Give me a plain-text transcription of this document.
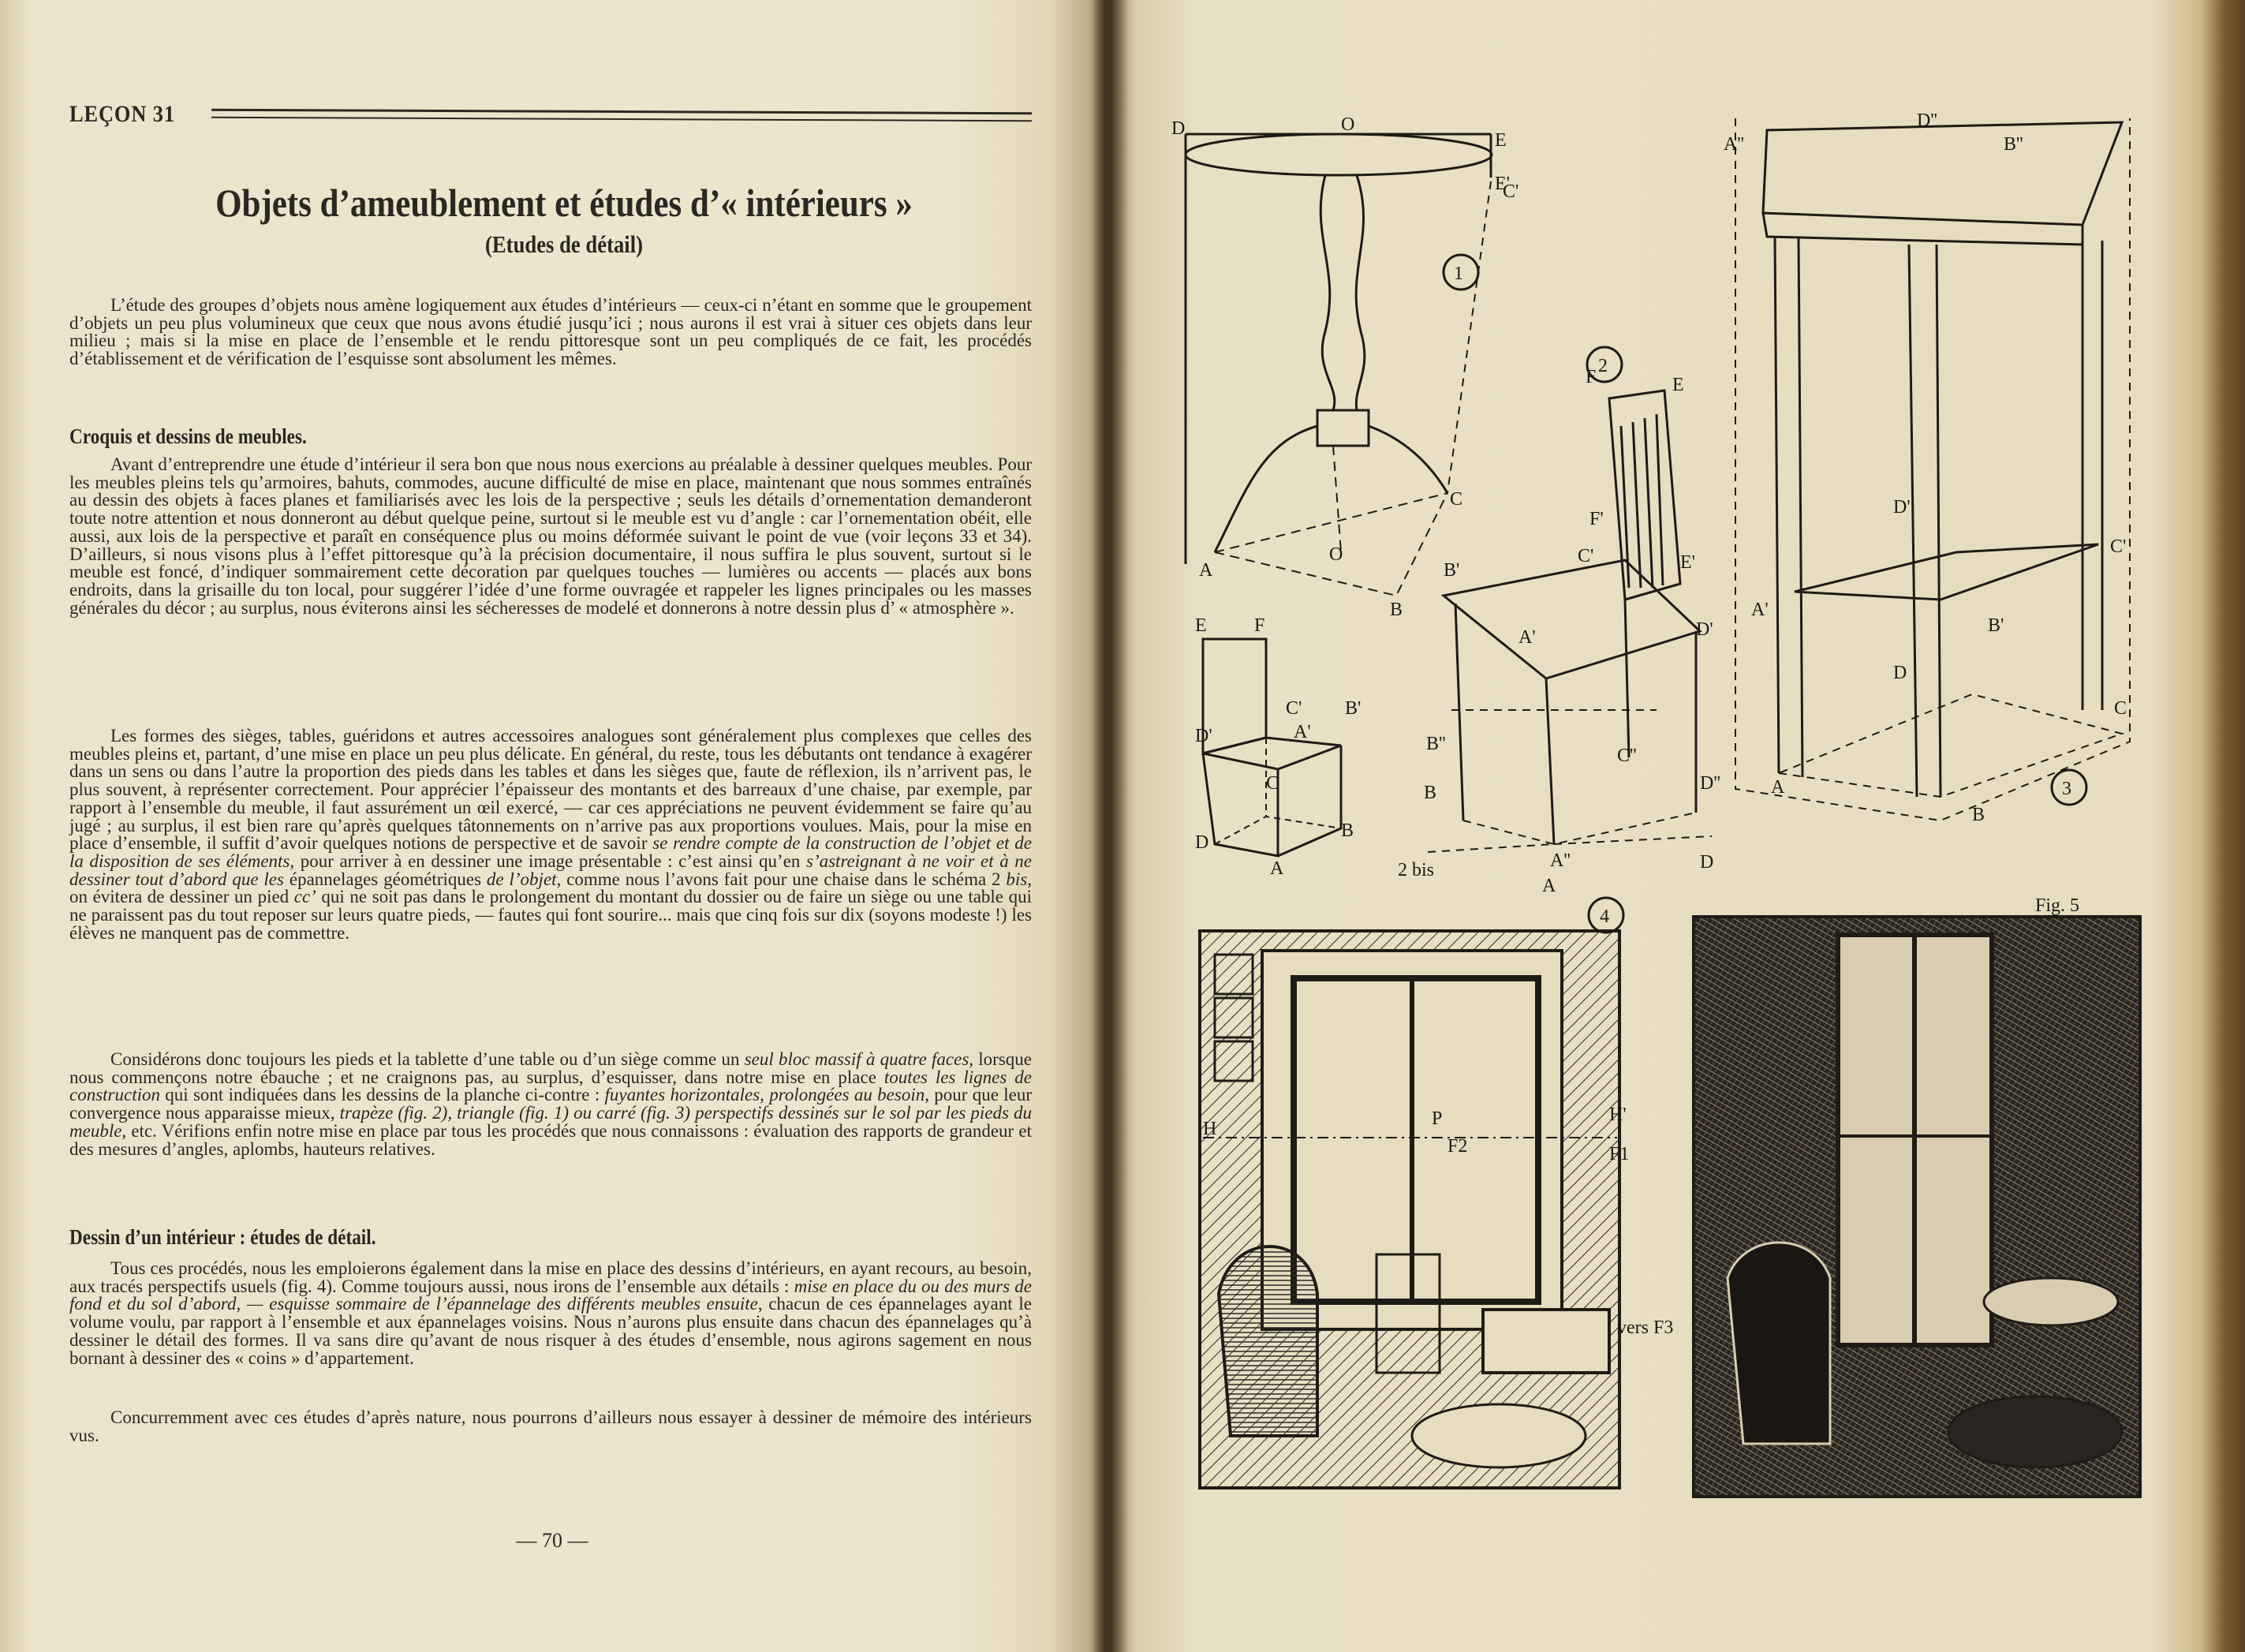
LEÇON 31
Objets d’ameublement et études d’« intérieurs »
(Etudes de détail)

L’étude des groupes d’objets nous amène logiquement aux études d’intérieurs — ceux-ci n’étant en somme que le groupement d’objets un peu plus volumineux que ceux que nous avons étudié jusqu’ici ; nous aurons il est vrai à situer ces objets dans leur milieu ; mais si la mise en place de l’ensemble et le rendu pittoresque sont un peu compliqués de ce fait, les procédés d’établissement et de vérification de l’esquisse sont absolument les mêmes.

Croquis et dessins de meubles.

Avant d’entreprendre une étude d’intérieur il sera bon que nous nous exercions au préalable à dessiner quelques meubles. Pour les meubles pleins tels qu’armoires, bahuts, commodes, aucune difficulté de mise en place, maintenant que nous sommes entraînés au dessin des objets à faces planes et familiarisés avec les lois de la perspective ; seuls les détails d’ornementation demanderont toute notre attention et nous donneront au début quelque peine, surtout si le meuble est vu d’angle : car l’ornementation obéit, elle aussi, aux lois de la perspective et paraît en conséquence plus ou moins déformée suivant le point de vue (voir leçons 33 et 34). D’ailleurs, si nous visons plus à l’effet pittoresque qu’à la précision documentaire, il nous suffira le plus souvent, surtout si le meuble est foncé, d’indiquer sommairement cette décoration par quelques touches — lumières ou accents — placés aux bons endroits, dans la grisaille du ton local, pour suggérer l’idée d’une forme ouvragée et rappeler les lignes principales ou les masses générales du décor ; au surplus, nous éviterons ainsi les sécheresses de modelé et donnerons à notre dessin plus d’ « atmosphère ».

Les formes des sièges, tables, guéridons et autres accessoires analogues sont généralement plus complexes que celles des meubles pleins et, partant, d’une mise en place un peu plus délicate. En général, du reste, tous les débutants ont tendance à exagérer dans un sens ou dans l’autre la proportion des pieds dans les tables et dans les sièges que, faute de réflexion, ils n’arrivent pas, le plus souvent, à représenter correctement. Pour apprécier l’épaisseur des montants et des barreaux d’une chaise, par exemple, par rapport à l’ensemble du meuble, il faut assurément un œil exercé, — car ces appréciations ne peuvent évidemment se faire qu’au jugé ; au surplus, il est bien rare qu’après quelques tâtonnements on n’arrive pas aux proportions voulues. Mais, pour la mise en place d’ensemble, il suffit d’avoir quelques notions de perspective et de savoir se rendre compte de la construction de l’objet et de la disposition de ses éléments, pour arriver à en dessiner une image présentable : c’est ainsi qu’en s’astreignant à ne voir et à ne dessiner tout d’abord que les épannelages géométriques de l’objet, comme nous l’avons fait pour une chaise dans le schéma 2 bis, on évitera de dessiner un pied cc’ qui ne soit pas dans le prolongement du montant du dossier ou de faire un siège ou une table qui ne paraissent pas du tout reposer sur leurs quatre pieds, — fautes qui font sourire... mais que cinq fois sur dix (soyons modeste !) les élèves ne manquent pas de commettre.

Considérons donc toujours les pieds et la tablette d’une table ou d’un siège comme un seul bloc massif à quatre faces, lorsque nous commençons notre ébauche ; et ne craignons pas, au surplus, d’esquisser, dans notre mise en place toutes les lignes de construction qui sont indiquées dans les dessins de la planche ci-contre : fuyantes horizontales, prolongées au besoin, pour que leur convergence nous apparaisse mieux, trapèze (fig. 2), triangle (fig. 1) ou carré (fig. 3) perspectifs dessinés sur le sol par les pieds du meuble, etc. Vérifions enfin notre mise en place par tous les procédés que nous connaissons : évaluation des rapports de grandeur et des mesures d’angles, aplombs, hauteurs relatives.

Dessin d’un intérieur : études de détail.

Tous ces procédés, nous les emploierons également dans la mise en place des dessins d’intérieurs, en ayant recours, au besoin, aux tracés perspectifs usuels (fig. 4). Comme toujours aussi, nous irons de l’ensemble aux détails : mise en place du ou des murs de fond et du sol d’abord, — esquisse sommaire de l’épannelage des différents meubles ensuite, chacun de ces épannelages ayant le volume voulu, par rapport à l’ensemble et aux épannelages voisins. Nous n’aurons plus ensuite dans chacun des épannelages qu’à dessiner le détail des formes. Il va sans dire qu’avant de nous risquer à des études d’ensemble, nous agirons sagement en nous bornant à dessiner des « coins » d’appartement.

Concurremment avec ces études d’après nature, nous pourrons d’ailleurs nous essayer à dessiner de mémoire des intérieurs vus.

— 70 —
1
D	O
E
E'
C'
C
A
O
B
2
F	E
F'
E'
C'
B'
A'	D'
B''
C''
D''
B
A''	D
A
2 bis
E	F
C' B'
D'	A'
C
D
B
A
3
A''
D''
B''
D'
A'
C'
B'
D
C
A
B
4
H	P
F2
H'
F1
vers F3
Fig. 5
